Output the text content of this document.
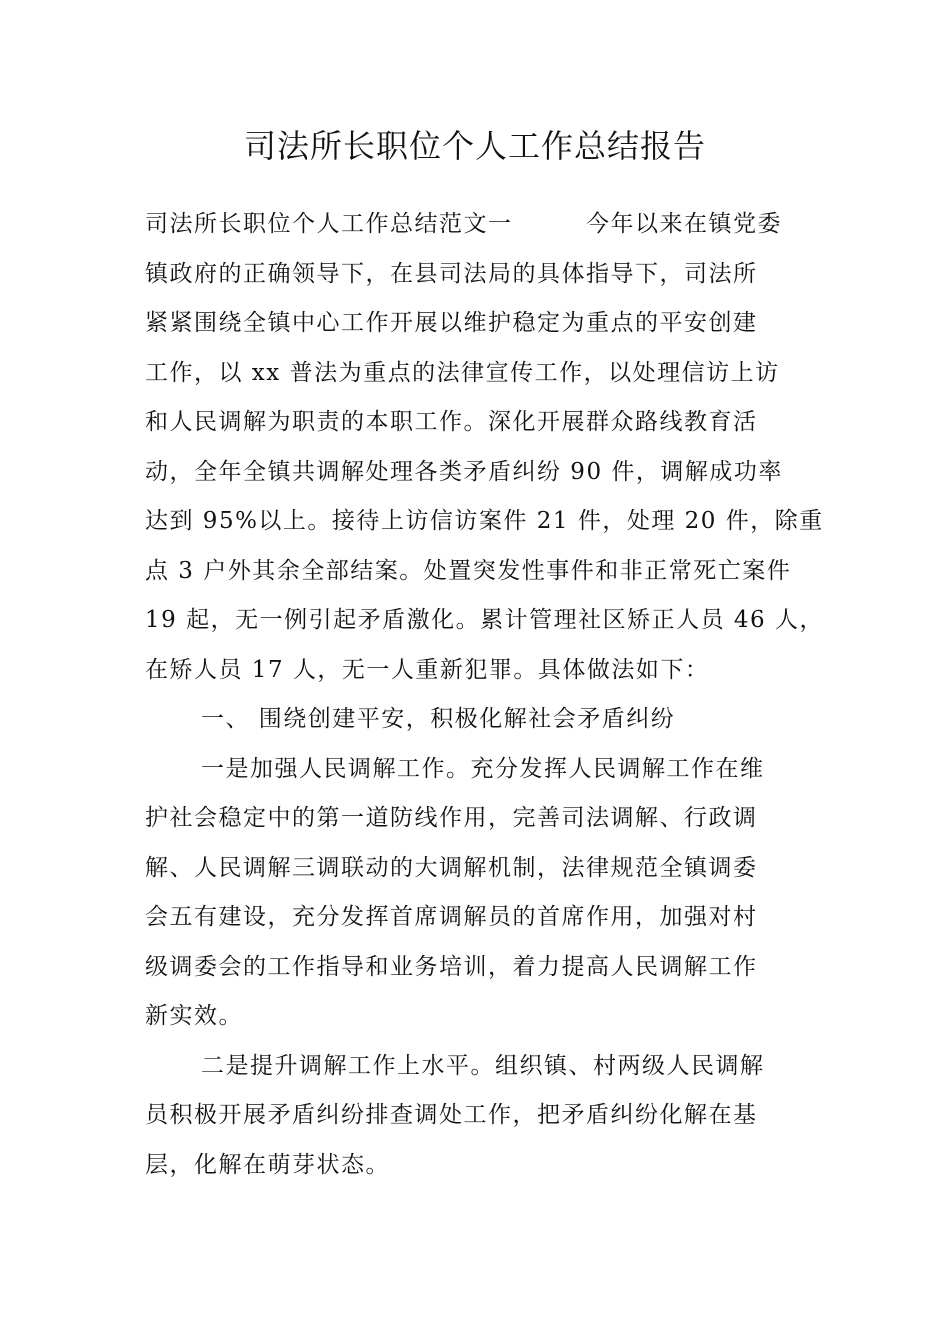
司法所长职位个人工作总结报告
司法所长职位个人工作总结范文一　　　今年以来在镇党委
镇政府的正确领导下，在县司法局的具体指导下，司法所
紧紧围绕全镇中心工作开展以维护稳定为重点的平安创建
工作，以 xx 普法为重点的法律宣传工作，以处理信访上访
和人民调解为职责的本职工作。深化开展群众路线教育活
动，全年全镇共调解处理各类矛盾纠纷 90 件，调解成功率
达到 95%以上。接待上访信访案件 21 件，处理 20 件，除重
点 3 户外其余全部结案。处置突发性事件和非正常死亡案件
19 起，无一例引起矛盾激化。累计管理社区矫正人员 46 人，
在矫人员 17 人，无一人重新犯罪。具体做法如下：
一、 围绕创建平安，积极化解社会矛盾纠纷
一是加强人民调解工作。充分发挥人民调解工作在维
护社会稳定中的第一道防线作用，完善司法调解、行政调
解、人民调解三调联动的大调解机制，法律规范全镇调委
会五有建设，充分发挥首席调解员的首席作用，加强对村
级调委会的工作指导和业务培训，着力提高人民调解工作
新实效。
二是提升调解工作上水平。组织镇、村两级人民调解
员积极开展矛盾纠纷排查调处工作，把矛盾纠纷化解在基
层，化解在萌芽状态。
